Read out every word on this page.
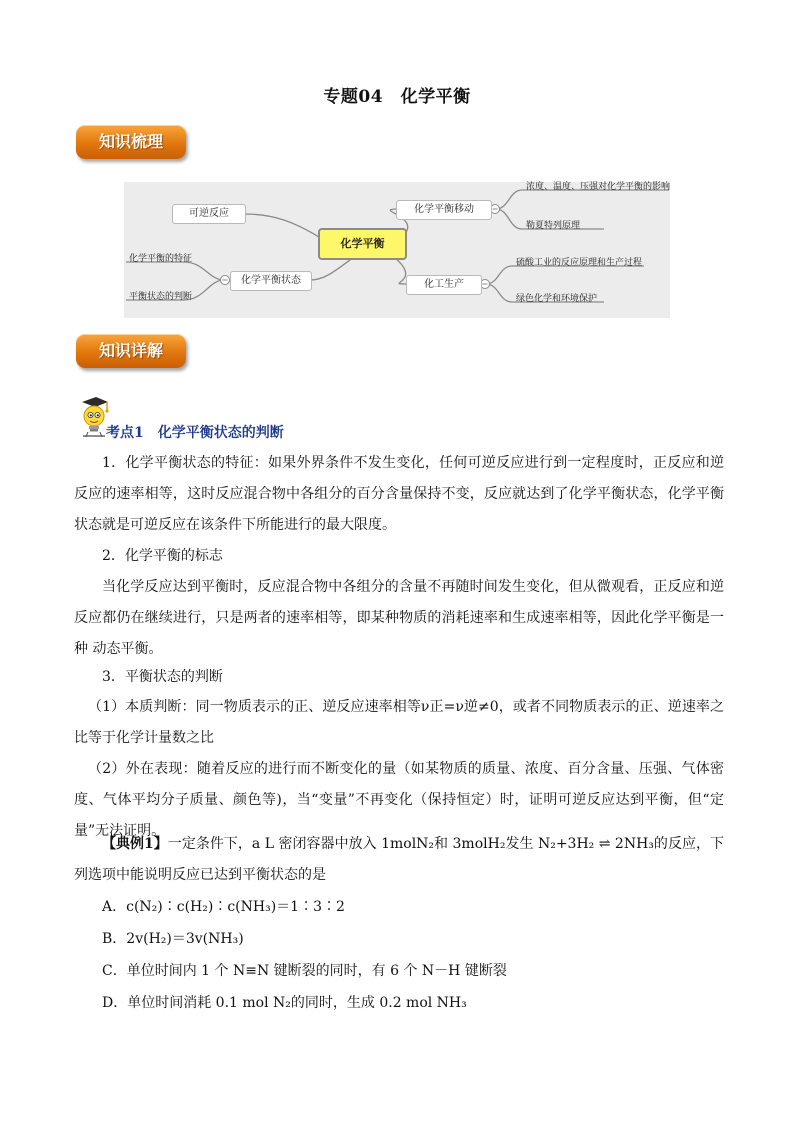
专题04　化学平衡
知识梳理
化学平衡
可逆反应	化学平衡移动
化学平衡状态	化工生产
浓度、温度、压强对化学平衡的影响
勒夏特列原理
硫酸工业的反应原理和生产过程
绿色化学和环境保护
化学平衡的特征
平衡状态的判断
知识详解
考点1　化学平衡状态的判断
1．化学平衡状态的特征：如果外界条件不发生变化，任何可逆反应进行到一定程度时，正反应和逆反应的速率相等，这时反应混合物中各组分的百分含量保持不变，反应就达到了化学平衡状态，化学平衡状态就是可逆反应在该条件下所能进行的最大限度。
2．化学平衡的标志
当化学反应达到平衡时，反应混合物中各组分的含量不再随时间发生变化，但从微观看，正反应和逆反应都仍在继续进行，只是两者的速率相等，即某种物质的消耗速率和生成速率相等，因此化学平衡是一种 动态平衡。
3．平衡状态的判断
（1）本质判断：同一物质表示的正、逆反应速率相等ν正=ν逆≠0，或者不同物质表示的正、逆速率之比等于化学计量数之比
（2）外在表现：随着反应的进行而不断变化的量（如某物质的质量、浓度、百分含量、压强、气体密度、气体平均分子质量、颜色等)，当“变量”不再变化（保持恒定）时，证明可逆反应达到平衡，但“定量”无法证明。
【典例1】一定条件下，a L 密闭容器中放入 1molN₂和 3molH₂发生 N₂+3H₂ ⇌ 2NH₃的反应，下列选项中能说明反应已达到平衡状态的是
A．c(N₂)∶c(H₂)∶c(NH₃)＝1∶3∶2
B．2v(H₂)＝3v(NH₃)
C．单位时间内 1 个 N≡N 键断裂的同时，有 6 个 N－H 键断裂
D．单位时间消耗 0.1 mol N₂的同时，生成 0.2 mol NH₃
